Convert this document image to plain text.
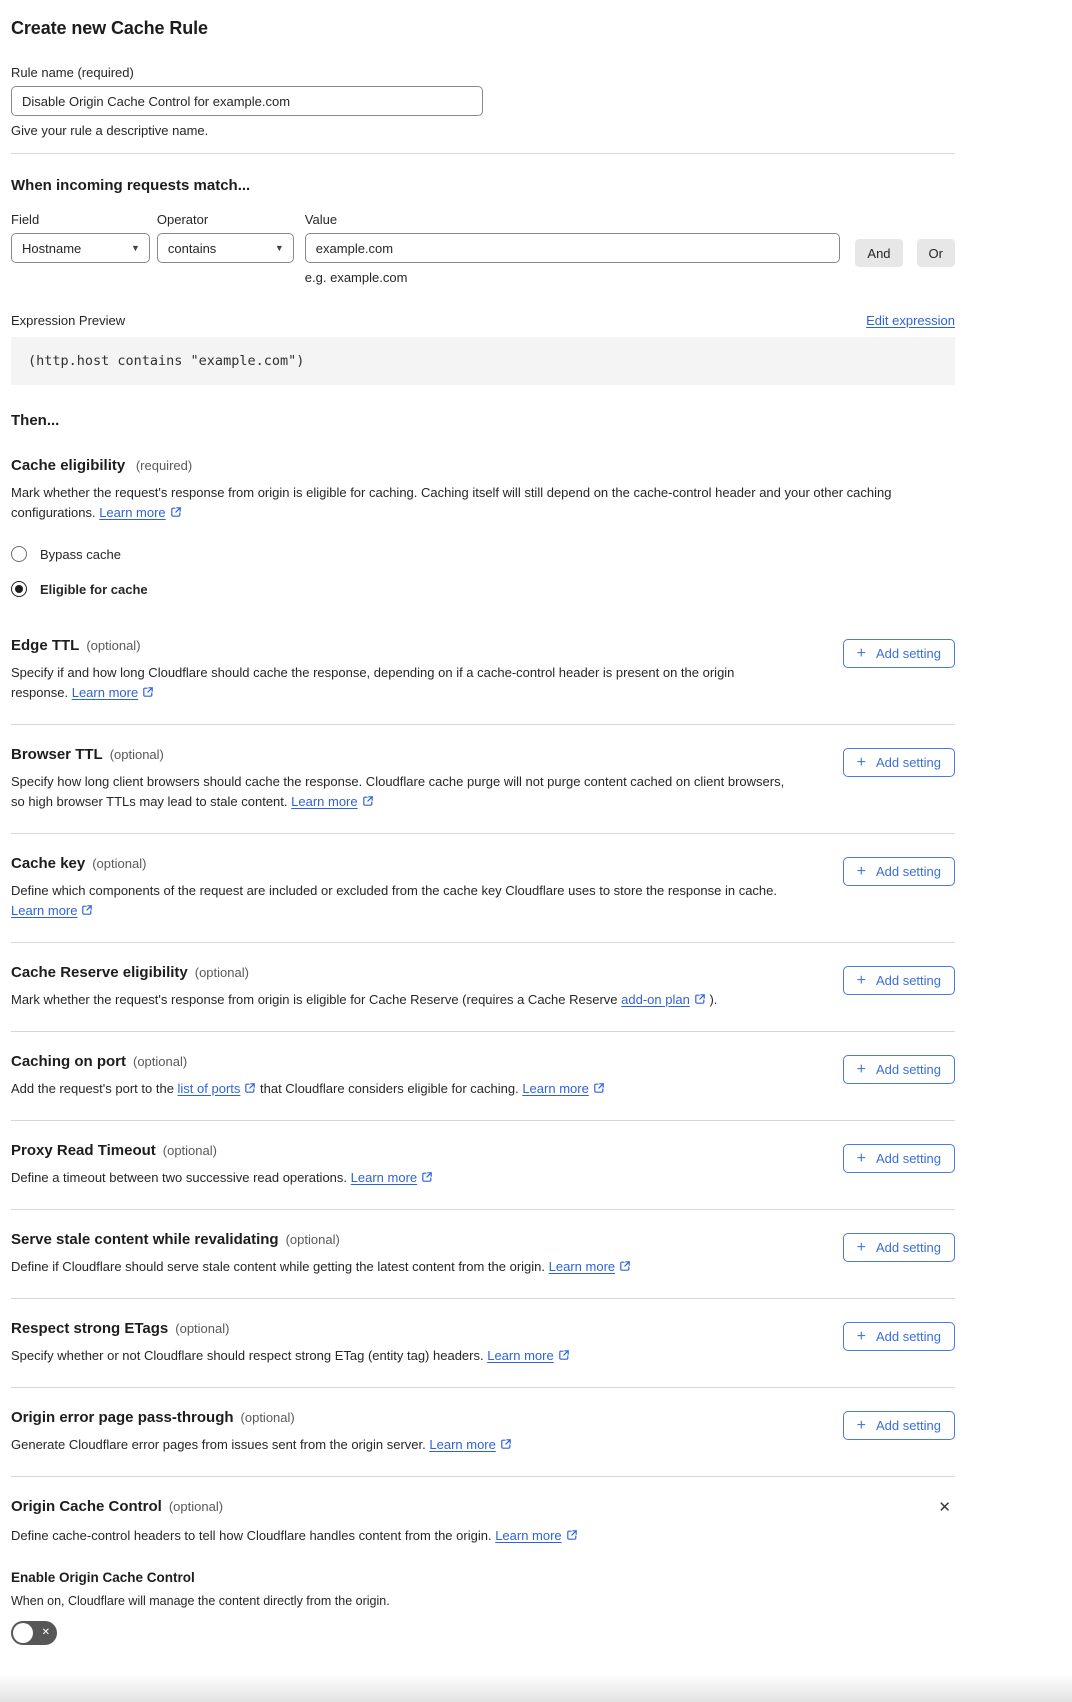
Create new Cache Rule
Rule name (required)
Disable Origin Cache Control for example.com
Give your rule a descriptive name.
When incoming requests match...
Field
Hostname	▼
Operator
contains	▼
Value
example.com
e.g. example.com
And	Or
Expression Preview	Edit expression
(http.host contains "example.com")
Then...
Cache eligibility (required)
Mark whether the request's response from origin is eligible for caching. Caching itself will still depend on the cache-control header and your other caching configurations. Learn more
Bypass cache
Eligible for cache
Edge TTL (optional)
Specify if and how long Cloudflare should cache the response, depending on if a cache-control header is present on the origin response. Learn more
+ Add setting
Browser TTL (optional)
Specify how long client browsers should cache the response. Cloudflare cache purge will not purge content cached on client browsers, so high browser TTLs may lead to stale content. Learn more
+ Add setting
Cache key (optional)
Define which components of the request are included or excluded from the cache key Cloudflare uses to store the response in cache. Learn more
+ Add setting
Cache Reserve eligibility (optional)
Mark whether the request's response from origin is eligible for Cache Reserve (requires a Cache Reserve add-on plan ).
+ Add setting
Caching on port (optional)
Add the request's port to the list of ports that Cloudflare considers eligible for caching. Learn more
+ Add setting
Proxy Read Timeout (optional)
Define a timeout between two successive read operations. Learn more
+ Add setting
Serve stale content while revalidating (optional)
Define if Cloudflare should serve stale content while getting the latest content from the origin. Learn more
+ Add setting
Respect strong ETags (optional)
Specify whether or not Cloudflare should respect strong ETag (entity tag) headers. Learn more
+ Add setting
Origin error page pass-through (optional)
Generate Cloudflare error pages from issues sent from the origin server. Learn more
+ Add setting
Origin Cache Control (optional)	✕
Define cache-control headers to tell how Cloudflare handles content from the origin. Learn more
Enable Origin Cache Control
When on, Cloudflare will manage the content directly from the origin.
✕
